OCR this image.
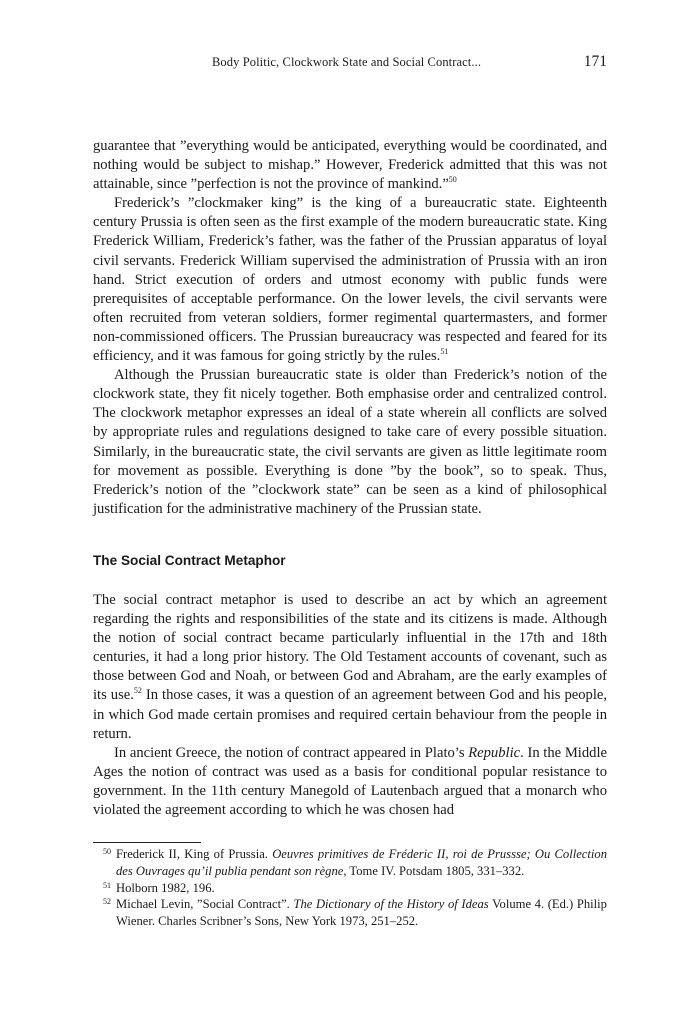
Body Politic, Clockwork State and Social Contract...	171

guarantee that ”everything would be anticipated, everything would be coordinated, and nothing would be subject to mishap.” However, Frederick admitted that this was not attainable, since ”perfection is not the province of mankind.”$^{50}$

Frederick’s ”clockmaker king” is the king of a bureaucratic state. Eighteenth century Prussia is often seen as the first example of the modern bureaucratic state. King Frederick William, Frederick’s father, was the father of the Prussian apparatus of loyal civil servants. Frederick William supervised the administration of Prussia with an iron hand. Strict execution of orders and utmost economy with public funds were prerequisites of acceptable performance. On the lower levels, the civil servants were often recruited from veteran soldiers, former regimental quartermasters, and former non-commissioned officers. The Prussian bureaucracy was respected and feared for its efficiency, and it was famous for going strictly by the rules.$^{51}$

Although the Prussian bureaucratic state is older than Frederick’s notion of the clockwork state, they fit nicely together. Both emphasise order and centralized control. The clockwork metaphor expresses an ideal of a state wherein all conflicts are solved by appropriate rules and regulations designed to take care of every possible situation. Similarly, in the bureaucratic state, the civil servants are given as little legitimate room for movement as possible. Everything is done ”by the book”, so to speak. Thus, Frederick’s notion of the ”clockwork state” can be seen as a kind of philosophical justification for the administrative machinery of the Prussian state.

The Social Contract Metaphor

The social contract metaphor is used to describe an act by which an agreement regarding the rights and responsibilities of the state and its citizens is made. Although the notion of social contract became particularly influential in the 17th and 18th centuries, it had a long prior history. The Old Testament accounts of covenant, such as those between God and Noah, or between God and Abraham, are the early examples of its use.$^{52}$ In those cases, it was a question of an agreement between God and his people, in which God made certain promises and required certain behaviour from the people in return.

In ancient Greece, the notion of contract appeared in Plato’s Republic. In the Middle Ages the notion of contract was used as a basis for conditional popular resistance to government. In the 11th century Manegold of Lautenbach argued that a monarch who violated the agreement according to which he was chosen had

50 Frederick II, King of Prussia. Oeuvres primitives de Fréderic II, roi de Prussse; Ou Collection des Ouvrages qu’il publia pendant son règne, Tome IV. Potsdam 1805, 331–332.
51 Holborn 1982, 196.
52 Michael Levin, ”Social Contract”. The Dictionary of the History of Ideas Volume 4. (Ed.) Philip Wiener. Charles Scribner’s Sons, New York 1973, 251–252.
